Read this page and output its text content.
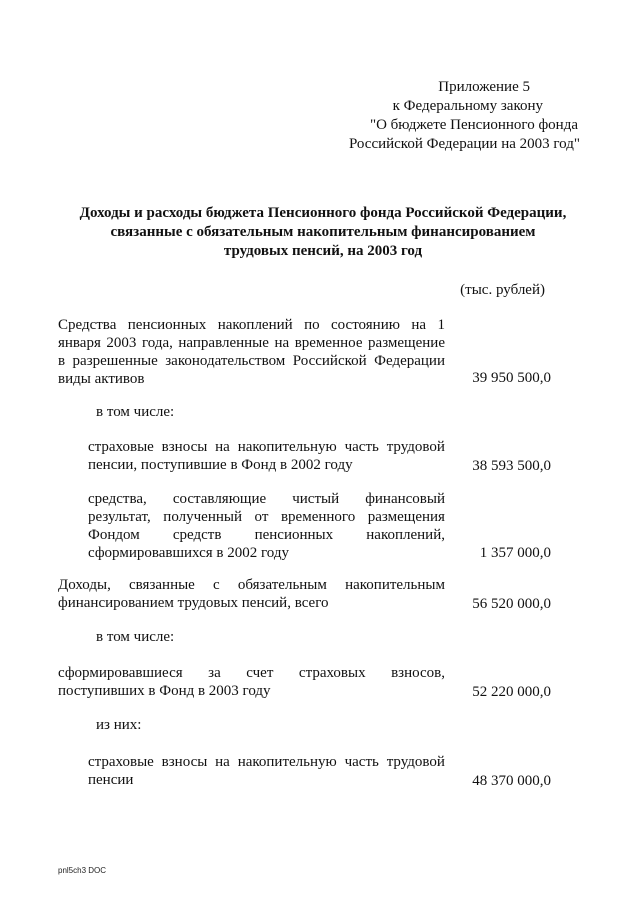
Приложение 5
к Федеральному закону
"О бюджете Пенсионного фонда
Российской Федерации на 2003 год"
Доходы и расходы бюджета Пенсионного фонда Российской Федерации,
связанные с обязательным накопительным финансированием
трудовых пенсий, на 2003 год
(тыс. рублей)
Средства пенсионных накоплений по состоянию на 1
января 2003 года, направленные на временное размещение
в разрешенные законодательством Российской Федерации
виды активов	39 950 500,0
в том числе:
страховые взносы на накопительную часть трудовой
пенсии, поступившие в Фонд в 2002 году	38 593 500,0
средства, составляющие чистый финансовый
результат, полученный от временного размещения
Фондом средств пенсионных накоплений,
сформировавшихся в 2002 году	1 357 000,0
Доходы, связанные с обязательным накопительным
финансированием трудовых пенсий, всего	56 520 000,0
в том числе:
сформировавшиеся за счет страховых взносов,
поступивших в Фонд в 2003 году	52 220 000,0
из них:
страховые взносы на накопительную часть трудовой
пенсии	48 370 000,0
pnl5ch3 DOC
